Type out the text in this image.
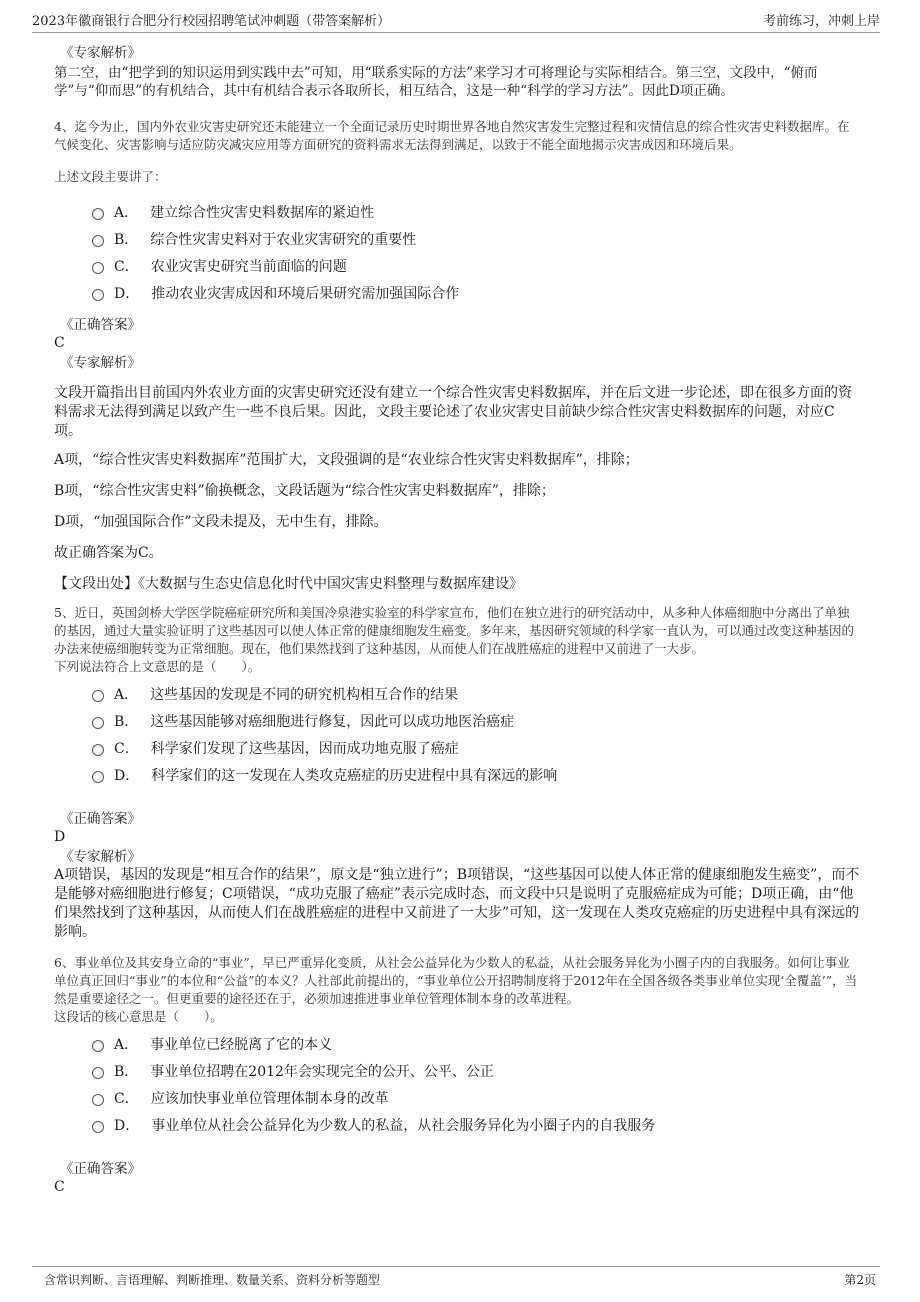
2023年徽商银行合肥分行校园招聘笔试冲刺题（带答案解析）	考前练习，冲刺上岸
《专家解析》

第二空，由“把学到的知识运用到实践中去”可知，用“联系实际的方法”来学习才可将理论与实际相结合。第三空，文段中，“俯而学”与“仰而思”的有机结合，其中有机结合表示各取所长，相互结合，这是一种“科学的学习方法”。因此D项正确。

4、迄今为止，国内外农业灾害史研究还未能建立一个全面记录历史时期世界各地自然灾害发生完整过程和灾情信息的综合性灾害史料数据库。在气候变化、灾害影响与适应防灾减灾应用等方面研究的资料需求无法得到满足，以致于不能全面地揭示灾害成因和环境后果。

上述文段主要讲了：

A． 建立综合性灾害史料数据库的紧迫性
B． 综合性灾害史料对于农业灾害研究的重要性
C． 农业灾害史研究当前面临的问题
D． 推动农业灾害成因和环境后果研究需加强国际合作
《正确答案》

C

《专家解析》

文段开篇指出目前国内外农业方面的灾害史研究还没有建立一个综合性灾害史料数据库，并在后文进一步论述，即在很多方面的资料需求无法得到满足以致产生一些不良后果。因此，文段主要论述了农业灾害史目前缺少综合性灾害史料数据库的问题，对应C项。

A项，“综合性灾害史料数据库”范围扩大，文段强调的是“农业综合性灾害史料数据库”，排除；

B项，“综合性灾害史料”偷换概念，文段话题为“综合性灾害史料数据库”，排除；

D项，“加强国际合作”文段未提及，无中生有，排除。

故正确答案为C。

【文段出处】《大数据与生态史信息化时代中国灾害史料整理与数据库建设》

5、近日，英国剑桥大学医学院癌症研究所和美国冷泉港实验室的科学家宣布，他们在独立进行的研究活动中，从多种人体癌细胞中分离出了单独的基因，通过大量实验证明了这些基因可以使人体正常的健康细胞发生癌变。多年来，基因研究领域的科学家一直认为，可以通过改变这种基因的办法来使癌细胞转变为正常细胞。现在，他们果然找到了这种基因，从而使人们在战胜癌症的进程中又前进了一大步。

下列说法符合上文意思的是（　　）。

A． 这些基因的发现是不同的研究机构相互合作的结果
B． 这些基因能够对癌细胞进行修复，因此可以成功地医治癌症
C． 科学家们发现了这些基因，因而成功地克服了癌症
D． 科学家们的这一发现在人类攻克癌症的历史进程中具有深远的影响
《正确答案》

D

《专家解析》

A项错误，基因的发现是“相互合作的结果”，原文是“独立进行”；B项错误，“这些基因可以使人体正常的健康细胞发生癌变”，而不是能够对癌细胞进行修复；C项错误，“成功克服了癌症”表示完成时态，而文段中只是说明了克服癌症成为可能；D项正确，由“他们果然找到了这种基因，从而使人们在战胜癌症的进程中又前进了一大步”可知，这一发现在人类攻克癌症的历史进程中具有深远的影响。

6、事业单位及其安身立命的“事业”，早已严重异化变质，从社会公益异化为少数人的私益，从社会服务异化为小圈子内的自我服务。如何让事业单位真正回归“事业”的本位和“公益”的本义？人社部此前提出的，“事业单位公开招聘制度将于2012年在全国各级各类事业单位实现‘全覆盖’”，当然是重要途径之一。但更重要的途径还在于，必须加速推进事业单位管理体制本身的改革进程。

这段话的核心意思是（　　）。

A． 事业单位已经脱离了它的本义
B． 事业单位招聘在2012年会实现完全的公开、公平、公正
C． 应该加快事业单位管理体制本身的改革
D． 事业单位从社会公益异化为少数人的私益，从社会服务异化为小圈子内的自我服务
《正确答案》

C

含常识判断、言语理解、判断推理、数量关系、资料分析等题型	第2页
